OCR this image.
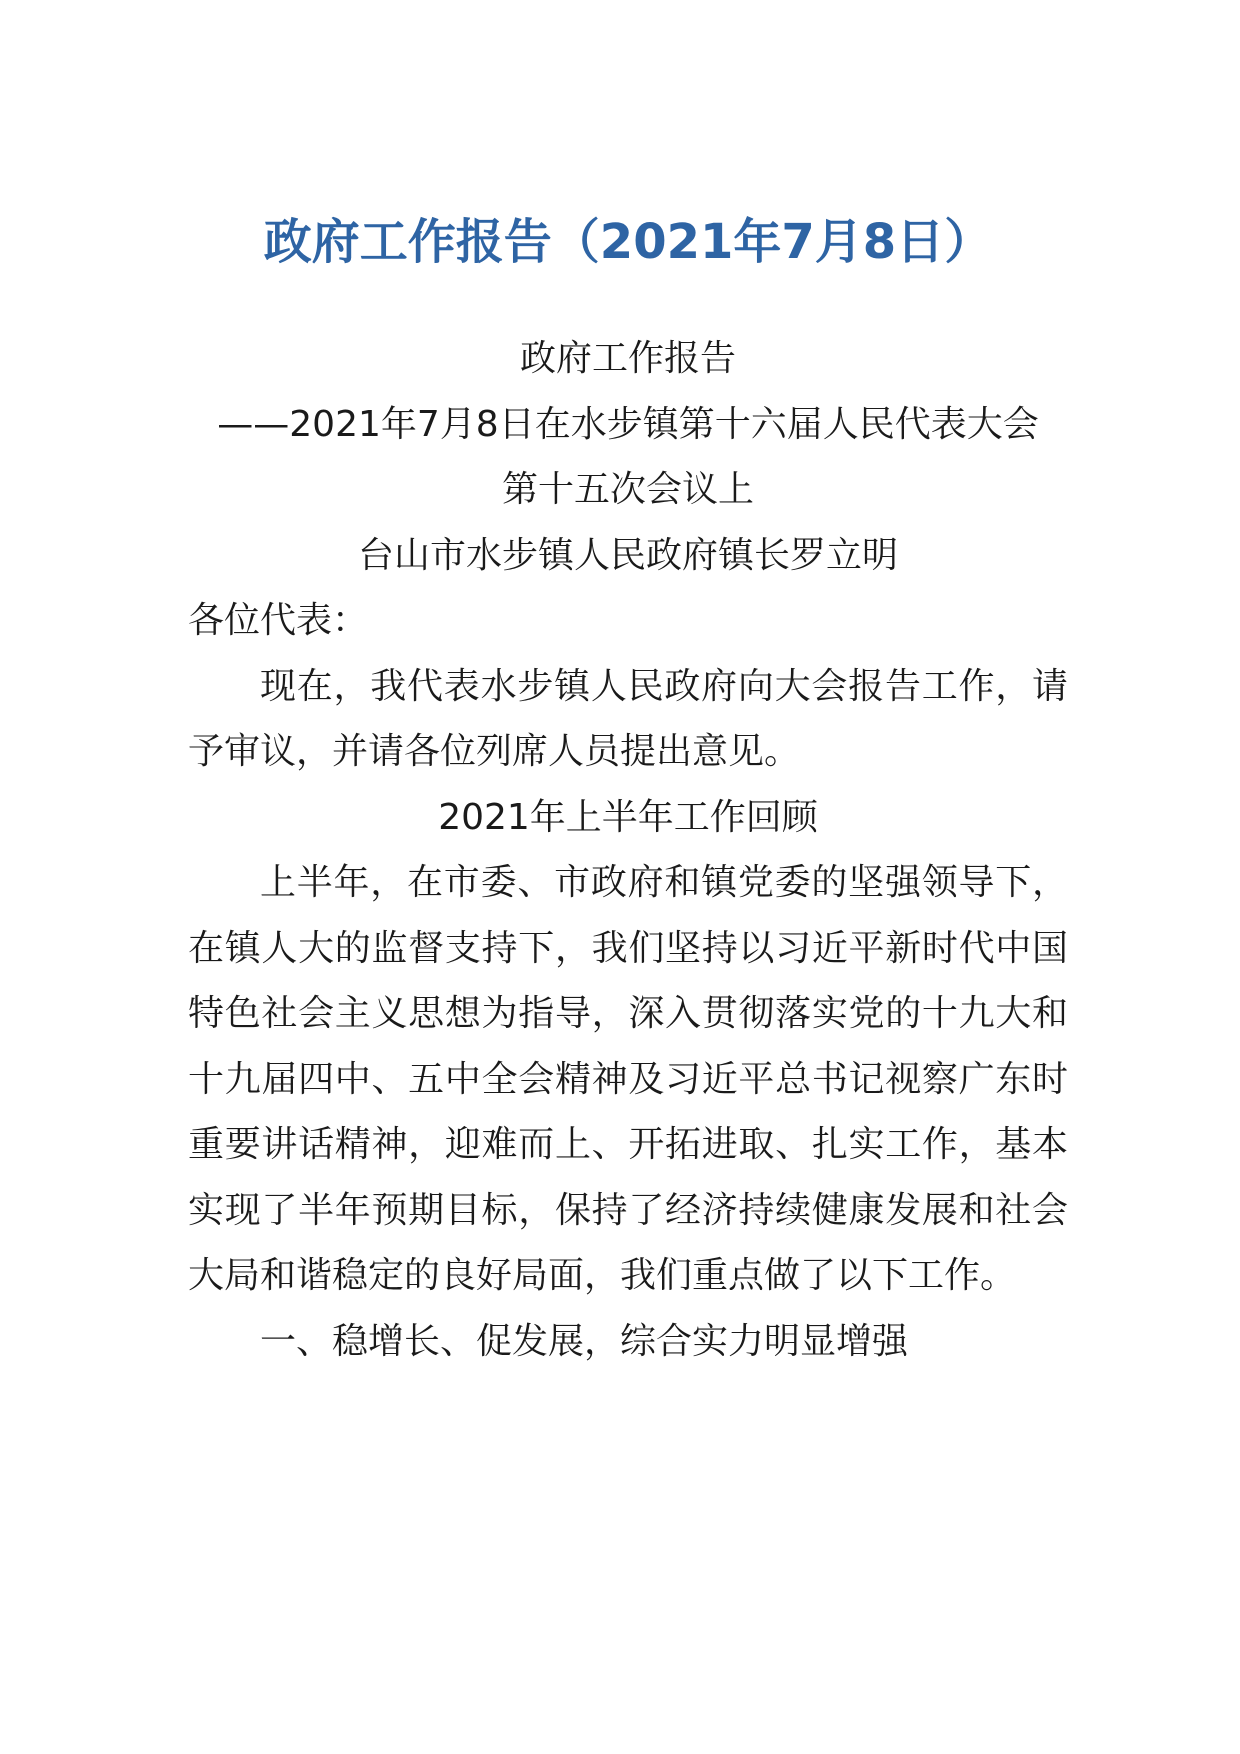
政府工作报告（2021年7月8日）

政府工作报告

——2021年7月8日在水步镇第十六届人民代表大会

第十五次会议上

台山市水步镇人民政府镇长罗立明

各位代表：

现在，我代表水步镇人民政府向大会报告工作，请予审议，并请各位列席人员提出意见。

2021年上半年工作回顾

上半年，在市委、市政府和镇党委的坚强领导下，在镇人大的监督支持下，我们坚持以习近平新时代中国特色社会主义思想为指导，深入贯彻落实党的十九大和十九届四中、五中全会精神及习近平总书记视察广东时重要讲话精神，迎难而上、开拓进取、扎实工作，基本实现了半年预期目标，保持了经济持续健康发展和社会大局和谐稳定的良好局面，我们重点做了以下工作。

一、稳增长、促发展，综合实力明显增强
